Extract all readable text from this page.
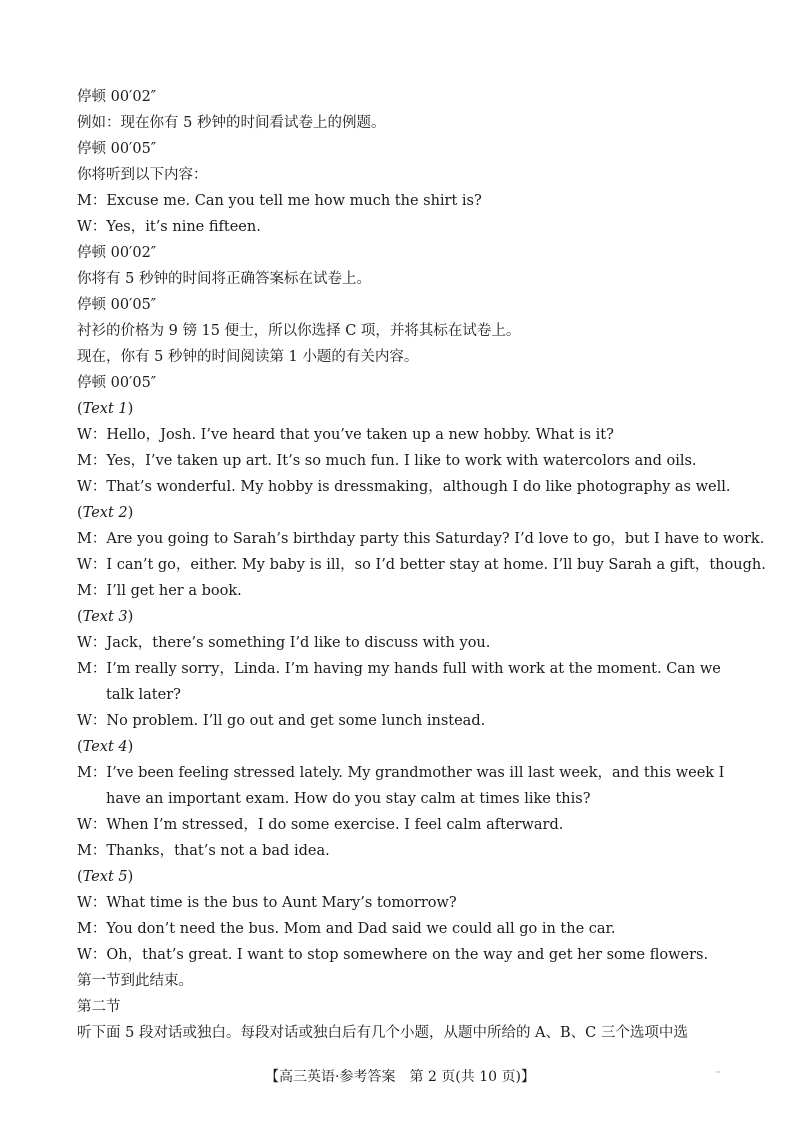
停顿 00′02″
例如：现在你有 5 秒钟的时间看试卷上的例题。
停顿 00′05″
你将听到以下内容：
M：Excuse me. Can you tell me how much the shirt is?
W：Yes，it’s nine fifteen.
停顿 00′02″
你将有 5 秒钟的时间将正确答案标在试卷上。
停顿 00′05″
衬衫的价格为 9 镑 15 便士，所以你选择 C 项，并将其标在试卷上。
现在，你有 5 秒钟的时间阅读第 1 小题的有关内容。
停顿 00′05″
(Text 1)
W：Hello，Josh. I’ve heard that you’ve taken up a new hobby. What is it?
M：Yes，I’ve taken up art. It’s so much fun. I like to work with watercolors and oils.
W：That’s wonderful. My hobby is dressmaking，although I do like photography as well.
(Text 2)
M：Are you going to Sarah’s birthday party this Saturday? I’d love to go，but I have to work.
W：I can’t go，either. My baby is ill，so I’d better stay at home. I’ll buy Sarah a gift，though.
M：I’ll get her a book.
(Text 3)
W：Jack，there’s something I’d like to discuss with you.
M：I’m really sorry，Linda. I’m having my hands full with work at the moment. Can we talk later?
W：No problem. I’ll go out and get some lunch instead.
(Text 4)
M：I’ve been feeling stressed lately. My grandmother was ill last week，and this week I have an important exam. How do you stay calm at times like this?
W：When I’m stressed，I do some exercise. I feel calm afterward.
M：Thanks，that’s not a bad idea.
(Text 5)
W：What time is the bus to Aunt Mary’s tomorrow?
M：You don’t need the bus. Mom and Dad said we could all go in the car.
W：Oh，that’s great. I want to stop somewhere on the way and get her some flowers.
第一节到此结束。
第二节
听下面 5 段对话或独白。每段对话或独白后有几个小题，从题中所给的 A、B、C 三个选项中选
【高三英语·参考答案　第 2 页(共 10 页)】	··
